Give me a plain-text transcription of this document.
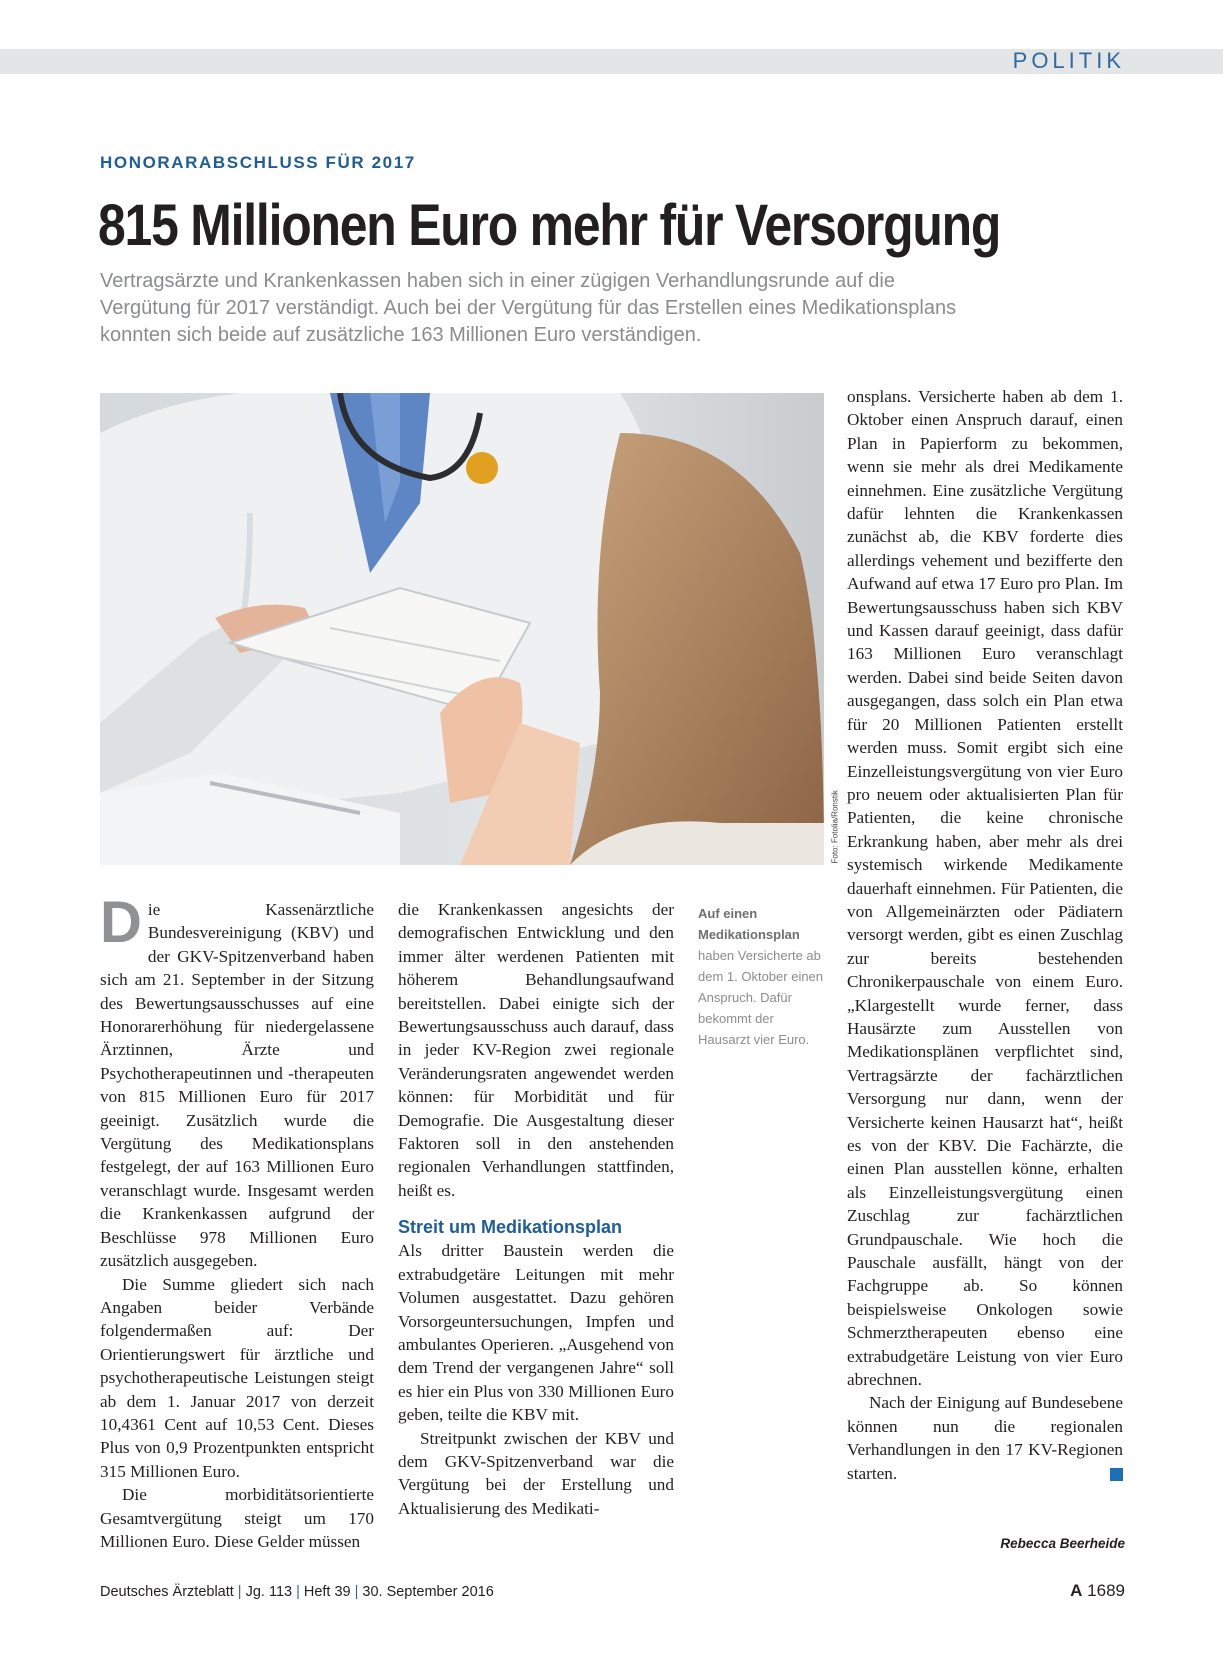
POLITIK
HONORARABSCHLUSS FÜR 2017
815 Millionen Euro mehr für Versorgung

Vertragsärzte und Krankenkassen haben sich in einer zügigen Verhandlungsrunde auf die

Vergütung für 2017 verständigt. Auch bei der Vergütung für das Erstellen eines Medikationsplans

konnten sich beide auf zusätzliche 163 Millionen Euro verständigen.

Foto: Fotolia/Ronstik
Auf einen Medikationsplan haben Versicherte ab dem 1. Oktober einen Anspruch. Dafür bekommt der Hausarzt vier Euro.

Die Kassenärztliche Bundesvereinigung (KBV) und der GKV-Spitzenverband haben sich am 21. September in der Sitzung des Bewertungsausschusses auf eine Honorarerhöhung für niedergelassene Ärztinnen, Ärzte und Psychotherapeutinnen und -therapeuten von 815 Millionen Euro für 2017 geeinigt. Zusätzlich wurde die Vergütung des Medikationsplans festgelegt, der auf 163 Millionen Euro veranschlagt wurde. Insgesamt werden die Krankenkassen aufgrund der Beschlüsse 978 Millionen Euro zusätzlich ausgegeben.

Die Summe gliedert sich nach Angaben beider Verbände folgendermaßen auf: Der Orientierungswert für ärztliche und psychotherapeutische Leistungen steigt ab dem 1. Januar 2017 von derzeit 10,4361 Cent auf 10,53 Cent. Dieses Plus von 0,9 Prozentpunkten entspricht 315 Millionen Euro.

Die morbiditätsorientierte Gesamtvergütung steigt um 170 Millionen Euro. Diese Gelder müssen

die Krankenkassen angesichts der demografischen Entwicklung und den immer älter werdenen Patienten mit höherem Behandlungsaufwand bereitstellen. Dabei einigte sich der Bewertungsausschuss auch darauf, dass in jeder KV-Region zwei regionale Veränderungsraten angewendet werden können: für Morbidität und für Demografie. Die Ausgestaltung dieser Faktoren soll in den anstehenden regionalen Verhandlungen stattfinden, heißt es.

Streit um Medikationsplan

Als dritter Baustein werden die extrabudgetäre Leitungen mit mehr Volumen ausgestattet. Dazu gehören Vorsorgeuntersuchungen, Impfen und ambulantes Operieren. „Ausgehend von dem Trend der vergangenen Jahre“ soll es hier ein Plus von 330 Millionen Euro geben, teilte die KBV mit.

Streitpunkt zwischen der KBV und dem GKV-Spitzenverband war die Vergütung bei der Erstellung und Aktualisierung des Medikati-

onsplans. Versicherte haben ab dem 1. Oktober einen Anspruch darauf, einen Plan in Papierform zu bekommen, wenn sie mehr als drei Medikamente einnehmen. Eine zusätzliche Vergütung dafür lehnten die Krankenkassen zunächst ab, die KBV forderte dies allerdings vehement und bezifferte den Aufwand auf etwa 17 Euro pro Plan. Im Bewertungsausschuss haben sich KBV und Kassen darauf geeinigt, dass dafür 163 Millionen Euro veranschlagt werden. Dabei sind beide Seiten davon ausgegangen, dass solch ein Plan etwa für 20 Millionen Patienten erstellt werden muss. Somit ergibt sich eine Einzelleistungsvergütung von vier Euro pro neuem oder aktualisierten Plan für Patienten, die keine chronische Erkrankung haben, aber mehr als drei systemisch wirkende Medikamente dauerhaft einnehmen. Für Patienten, die von Allgemeinärzten oder Pädiatern versorgt werden, gibt es einen Zuschlag zur bereits bestehenden Chronikerpauschale von einem Euro. „Klargestellt wurde ferner, dass Hausärzte zum Ausstellen von Medikationsplänen verpflichtet sind, Vertragsärzte der fachärztlichen Versorgung nur dann, wenn der Versicherte keinen Hausarzt hat“, heißt es von der KBV. Die Fachärzte, die einen Plan ausstellen könne, erhalten als Einzelleistungsvergütung einen Zuschlag zur fachärztlichen Grundpauschale. Wie hoch die Pauschale ausfällt, hängt von der Fachgruppe ab. So können beispielsweise Onkologen sowie Schmerztherapeuten ebenso eine extrabudgetäre Leistung von vier Euro abrechnen.

Nach der Einigung auf Bundesebene können nun die regionalen Verhandlungen in den 17 KV-Regionen starten.

Rebecca Beerheide
Deutsches Ärzteblatt | Jg. 113 | Heft 39 | 30. September 2016	A 1689
